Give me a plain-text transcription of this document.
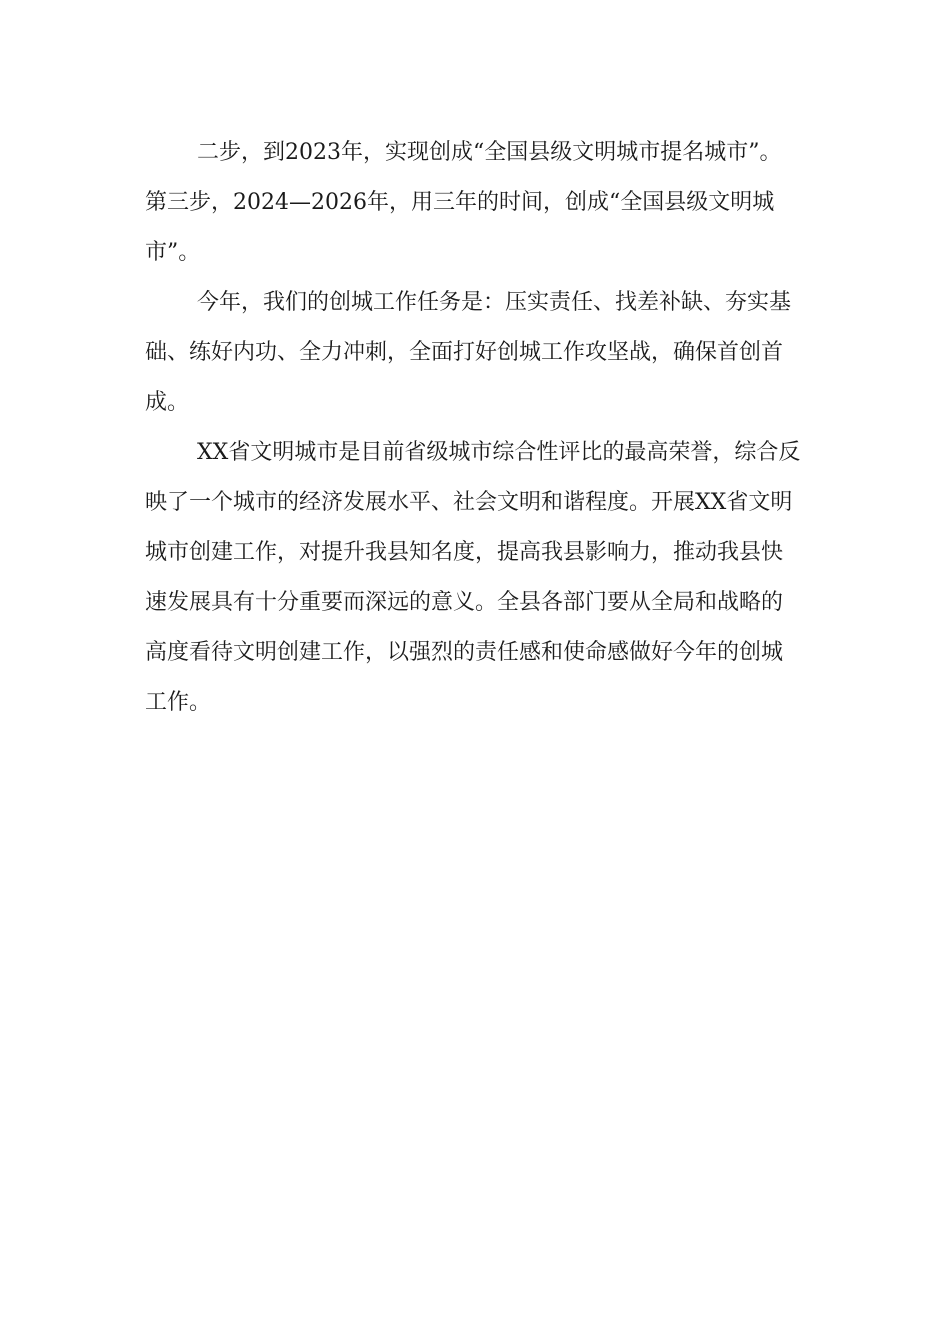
二步，到2023年，实现创成“全国县级文明城市提名城市”。
第三步，2024—2026年，用三年的时间，创成“全国县级文明城
市”。

今年，我们的创城工作任务是：压实责任、找差补缺、夯实基
础、练好内功、全力冲刺，全面打好创城工作攻坚战，确保首创首
成。

XX省文明城市是目前省级城市综合性评比的最高荣誉，综合反
映了一个城市的经济发展水平、社会文明和谐程度。开展XX省文明
城市创建工作，对提升我县知名度，提高我县影响力，推动我县快
速发展具有十分重要而深远的意义。全县各部门要从全局和战略的
高度看待文明创建工作，以强烈的责任感和使命感做好今年的创城
工作。
